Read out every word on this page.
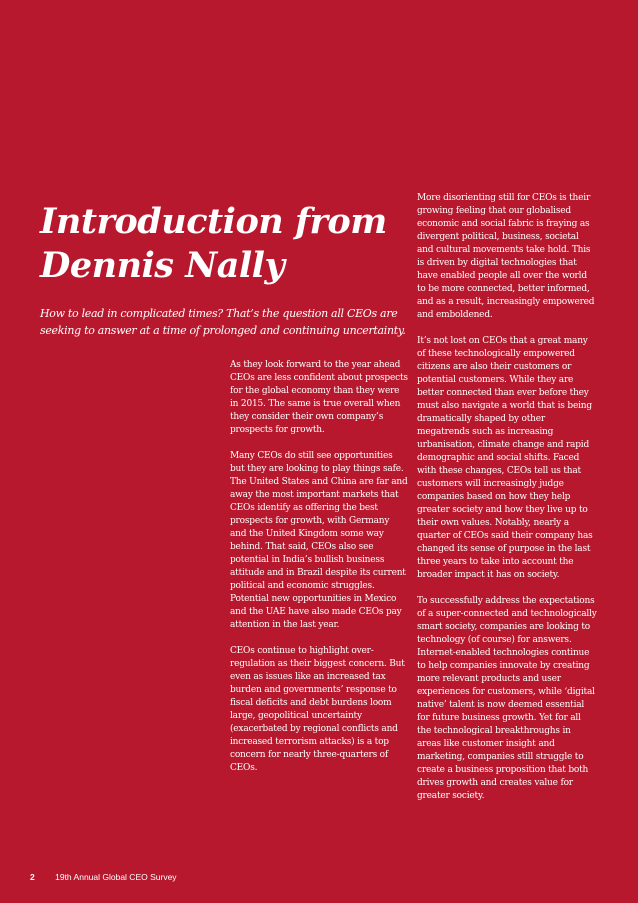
Introduction from
Dennis Nally

How to lead in complicated times? That’s the question all CEOs are seeking to answer at a time of prolonged and continuing uncertainty.

As they look forward to the year ahead CEOs are less confident about prospects for the global economy than they were in 2015. The same is true overall when they consider their own company’s prospects for growth.

Many CEOs do still see opportunities but they are looking to play things safe. The United States and China are far and away the most important markets that CEOs identify as offering the best prospects for growth, with Germany and the United Kingdom some way behind. That said, CEOs also see potential in India’s bullish business attitude and in Brazil despite its current political and economic struggles. Potential new opportunities in Mexico and the UAE have also made CEOs pay attention in the last year.

CEOs continue to highlight over-regulation as their biggest concern. But even as issues like an increased tax burden and governments’ response to fiscal deficits and debt burdens loom large, geopolitical uncertainty (exacerbated by regional conflicts and increased terrorism attacks) is a top concern for nearly three-quarters of CEOs.

More disorienting still for CEOs is their growing feeling that our globalised economic and social fabric is fraying as divergent political, business, societal and cultural movements take hold. This is driven by digital technologies that have enabled people all over the world to be more connected, better informed, and as a result, increasingly empowered and emboldened.

It’s not lost on CEOs that a great many of these technologically empowered citizens are also their customers or potential customers. While they are better connected than ever before they must also navigate a world that is being dramatically shaped by other megatrends such as increasing urbanisation, climate change and rapid demographic and social shifts. Faced with these changes, CEOs tell us that customers will increasingly judge companies based on how they help greater society and how they live up to their own values. Notably, nearly a quarter of CEOs said their company has changed its sense of purpose in the last three years to take into account the broader impact it has on society.

To successfully address the expectations of a super-connected and technologically smart society, companies are looking to technology (of course) for answers. Internet-enabled technologies continue to help companies innovate by creating more relevant products and user experiences for customers, while ‘digital native’ talent is now deemed essential for future business growth. Yet for all the technological breakthroughs in areas like customer insight and marketing, companies still struggle to create a business proposition that both drives growth and creates value for greater society.

2 19th Annual Global CEO Survey
